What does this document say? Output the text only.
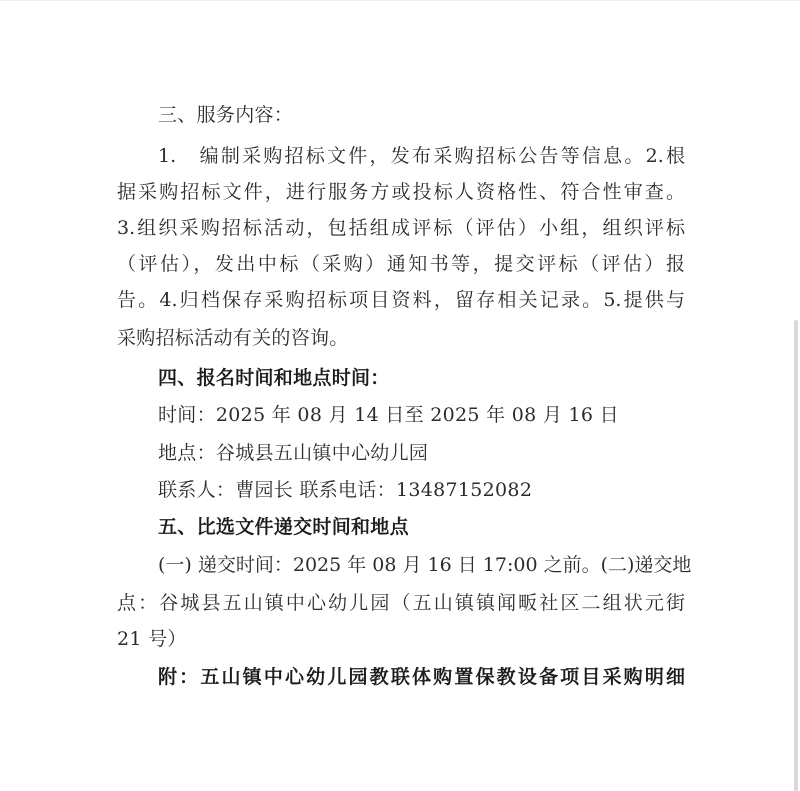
三、服务内容：
1.　编制采购招标文件，发布采购招标公告等信息。2.根
据采购招标文件，进行服务方或投标人资格性、符合性审查。
3.组织采购招标活动，包括组成评标（评估）小组，组织评标
（评估），发出中标（采购）通知书等，提交评标（评估）报
告。4.归档保存采购招标项目资料，留存相关记录。5.提供与
采购招标活动有关的咨询。
四、报名时间和地点时间：
时间：2025 年 08 月 14 日至 2025 年 08 月 16 日
地点：谷城县五山镇中心幼儿园
联系人：曹园长 联系电话：13487152082
五、比选文件递交时间和地点
(一) 递交时间：2025 年 08 月 16 日 17:00 之前。(二)递交地
点：谷城县五山镇中心幼儿园（五山镇镇闻畈社区二组状元街
21 号）
附：五山镇中心幼儿园教联体购置保教设备项目采购明细
